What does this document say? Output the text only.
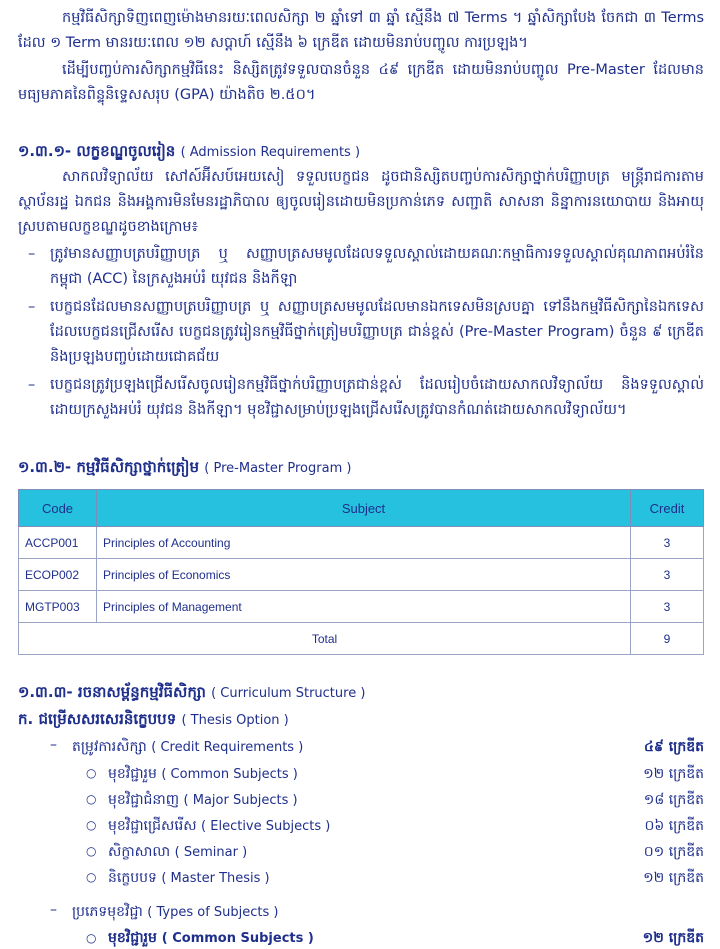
កម្មវិធីសិក្សាទិញពេញម៉ោងមានរយៈពេលសិក្សា ២ ឆ្នាំទៅ ៣ ឆ្នាំ ស្មើនឹង ៧ Terms ។ ឆ្នាំសិក្សាបែង ចែកជា ៣ Terms ដែល ១ Term មានរយៈពេល ១២ សប្តាហ៍ ស្មើនឹង ៦ ក្រេឌីត ដោយមិនរាប់បញ្ចូល ការប្រឡង។
ដើម្បីបញ្ចប់ការសិក្សាកម្មវិធីនេះ និស្សិតត្រូវទទួលបានចំនួន ៤៩ ក្រេឌីត ដោយមិនរាប់បញ្ចូល Pre-Master ដែលមានមធ្យមភាគនៃពិន្ទុនិទ្ទេសសរុប (GPA) យ៉ាងតិច ២.៥០។
១.៣.១- លក្ខខណ្ឌចូលរៀន ( Admission Requirements )
សាកលវិទ្យាល័យ សៅស៍អ៊ីសប៍អេយសៀ ទទួលបេក្ខជន ដូចជានិស្សិតបញ្ចប់ការសិក្សាថ្នាក់បរិញ្ញាបត្រ មន្ត្រីរាជការតាមស្ថាប័នរដ្ឋ ឯកជន និងអង្គការមិនមែនរដ្ឋាភិបាល ឲ្យចូលរៀនដោយមិនប្រកាន់ភេទ សញ្ជាតិ សាសនា និន្នាការនយោបាយ និងអាយុ ស្របតាមលក្ខខណ្ឌដូចខាងក្រោម៖
– ត្រូវមានសញ្ញាបត្របរិញ្ញាបត្រ ឬ សញ្ញាបត្រសមមូលដែលទទួលស្គាល់ដោយគណៈកម្មាធិការទទួលស្គាល់គុណភាពអប់រំនៃកម្ពុជា (ACC) នៃក្រសួងអប់រំ យុវជន និងកីឡា
– បេក្ខជនដែលមានសញ្ញាបត្របរិញ្ញាបត្រ ឬ សញ្ញាបត្រសមមូលដែលមានឯកទេសមិនស្របគ្នា ទៅនឹងកម្មវិធីសិក្សានៃឯកទេសដែលបេក្ខជនជ្រើសរើស បេក្ខជនត្រូវរៀនកម្មវិធីថ្នាក់ត្រៀមបរិញ្ញាបត្រ ជាន់ខ្ពស់ (Pre-Master Program) ចំនួន ៩ ក្រេឌីត និងប្រឡងបញ្ចប់ដោយជោគជ័យ
– បេក្ខជនត្រូវប្រឡងជ្រើសរើសចូលរៀនកម្មវិធីថ្នាក់បរិញ្ញាបត្រជាន់ខ្ពស់ ដែលរៀបចំដោយសាកលវិទ្យាល័យ និងទទួលស្គាល់ដោយក្រសួងអប់រំ យុវជន និងកីឡា។ មុខវិជ្ជាសម្រាប់ប្រឡងជ្រើសរើសត្រូវបានកំណត់ដោយសាកលវិទ្យាល័យ។
១.៣.២- កម្មវិធីសិក្សាថ្នាក់ត្រៀម ( Pre-Master Program )
Code	Subject	Credit
ACCP001	Principles of Accounting	3
ECOP002	Principles of Economics	3
MGTP003	Principles of Management	3
Total		9
១.៣.៣- រចនាសម្ព័ន្ធកម្មវិធីសិក្សា ( Curriculum Structure )
ក. ជម្រើសសរសេរនិក្ខេបបទ ( Thesis Option )
– តម្រូវការសិក្សា ( Credit Requirements )	៤៩ ក្រេឌីត
○ មុខវិជ្ជារួម ( Common Subjects )	១២ ក្រេឌីត
○ មុខវិជ្ជាជំនាញ ( Major Subjects )	១៨ ក្រេឌីត
○ មុខវិជ្ជាជ្រើសរើស ( Elective Subjects )	០៦ ក្រេឌីត
○ សិក្ខាសាលា ( Seminar )	០១ ក្រេឌីត
○ និក្ខេបបទ ( Master Thesis )	១២ ក្រេឌីត
– ប្រភេទមុខវិជ្ជា ( Types of Subjects )
○ មុខវិជ្ជារួម ( Common Subjects )	១២ ក្រេឌីត
